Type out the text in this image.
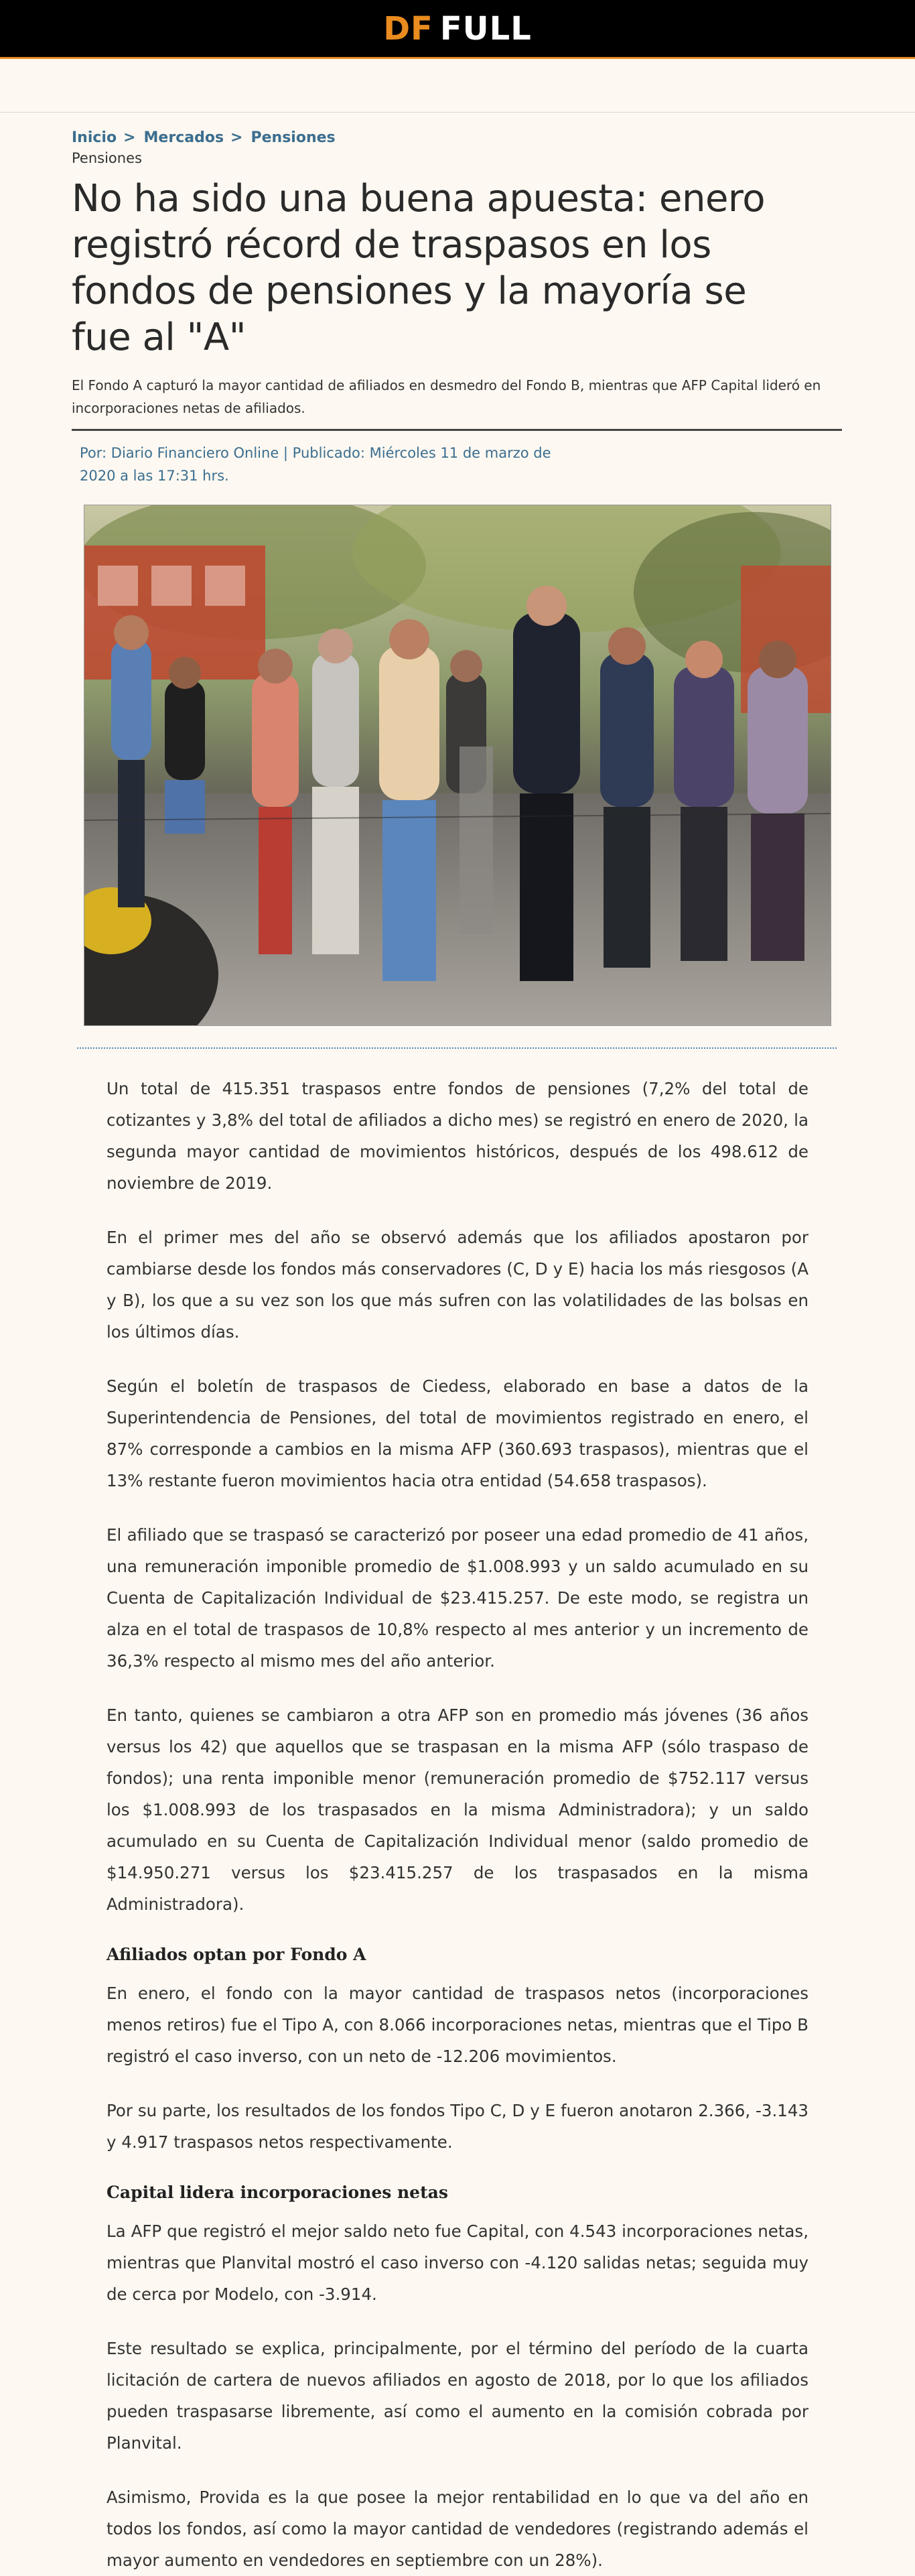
DF FULL
Inicio > Mercados > Pensiones
Pensiones
No ha sido una buena apuesta: enero registró récord de traspasos en los fondos de pensiones y la mayoría se fue al "A"
El Fondo A capturó la mayor cantidad de afiliados en desmedro del Fondo B, mientras que AFP Capital lideró en incorporaciones netas de afiliados.
Por: Diario Financiero Online | Publicado: Miércoles 11 de marzo de 2020 a las 17:31 hrs.

Un total de 415.351 traspasos entre fondos de pensiones (7,2% del total de cotizantes y 3,8% del total de afiliados a dicho mes) se registró en enero de 2020, la segunda mayor cantidad de movimientos históricos, después de los 498.612 de noviembre de 2019.

En el primer mes del año se observó además que los afiliados apostaron por cambiarse desde los fondos más conservadores (C, D y E) hacia los más riesgosos (A y B), los que a su vez son los que más sufren con las volatilidades de las bolsas en los últimos días.

Según el boletín de traspasos de Ciedess, elaborado en base a datos de la Superintendencia de Pensiones, del total de movimientos registrado en enero, el 87% corresponde a cambios en la misma AFP (360.693 traspasos), mientras que el 13% restante fueron movimientos hacia otra entidad (54.658 traspasos).

El afiliado que se traspasó se caracterizó por poseer una edad promedio de 41 años, una remuneración imponible promedio de $1.008.993 y un saldo acumulado en su Cuenta de Capitalización Individual de $23.415.257. De este modo, se registra un alza en el total de traspasos de 10,8% respecto al mes anterior y un incremento de 36,3% respecto al mismo mes del año anterior.

En tanto, quienes se cambiaron a otra AFP son en promedio más jóvenes (36 años versus los 42) que aquellos que se traspasan en la misma AFP (sólo traspaso de fondos); una renta imponible menor (remuneración promedio de $752.117 versus los $1.008.993 de los traspasados en la misma Administradora); y un saldo acumulado en su Cuenta de Capitalización Individual menor (saldo promedio de $14.950.271 versus los $23.415.257 de los traspasados en la misma Administradora).

Afiliados optan por Fondo A

En enero, el fondo con la mayor cantidad de traspasos netos (incorporaciones menos retiros) fue el Tipo A, con 8.066 incorporaciones netas, mientras que el Tipo B registró el caso inverso, con un neto de -12.206 movimientos.

Por su parte, los resultados de los fondos Tipo C, D y E fueron anotaron 2.366, -3.143 y 4.917 traspasos netos respectivamente.

Capital lidera incorporaciones netas

La AFP que registró el mejor saldo neto fue Capital, con 4.543 incorporaciones netas, mientras que Planvital mostró el caso inverso con -4.120 salidas netas; seguida muy de cerca por Modelo, con -3.914.

Este resultado se explica, principalmente, por el término del período de la cuarta licitación de cartera de nuevos afiliados en agosto de 2018, por lo que los afiliados pueden traspasarse libremente, así como el aumento en la comisión cobrada por Planvital.

Asimismo, Provida es la que posee la mejor rentabilidad en lo que va del año en todos los fondos, así como la mayor cantidad de vendedores (registrando además el mayor aumento en vendedores en septiembre con un 28%).
